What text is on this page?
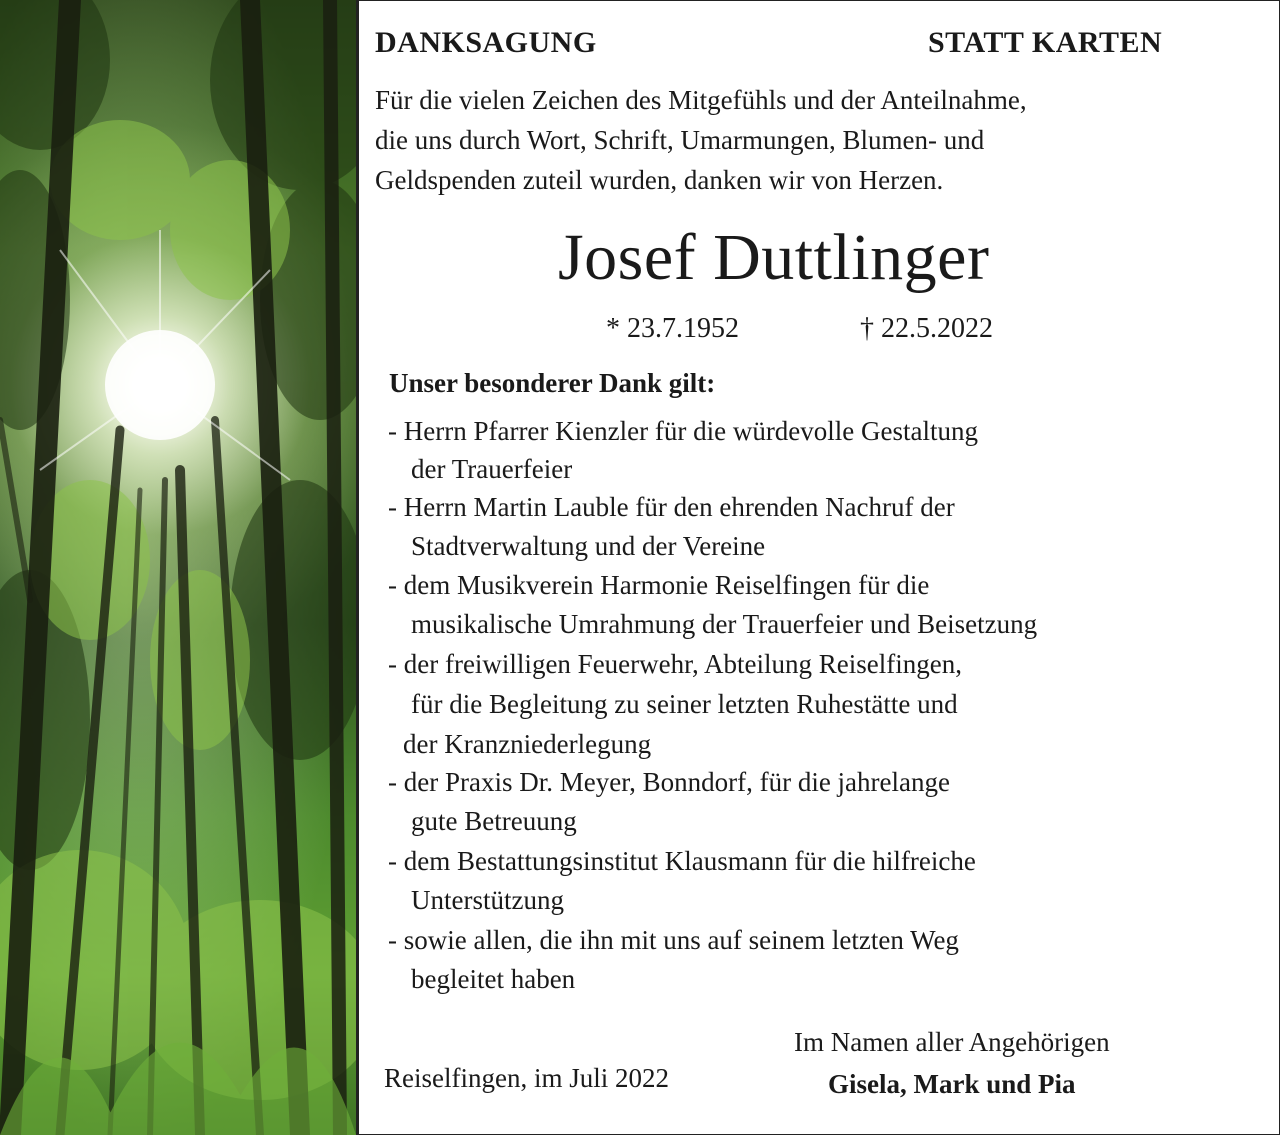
DANKSAGUNG	STATT KARTEN
Für die vielen Zeichen des Mitgefühls und der Anteilnahme,
die uns durch Wort, Schrift, Umarmungen, Blumen- und
Geldspenden zuteil wurden, danken wir von Herzen.
Josef Duttlinger
* 23.7.1952	† 22.5.2022
Unser besonderer Dank gilt:
- Herrn Pfarrer Kienzler für die würdevolle Gestaltung
der Trauerfeier
- Herrn Martin Lauble für den ehrenden Nachruf der
Stadtverwaltung und der Vereine
- dem Musikverein Harmonie Reiselfingen für die
musikalische Umrahmung der Trauerfeier und Beisetzung
- der freiwilligen Feuerwehr, Abteilung Reiselfingen,
für die Begleitung zu seiner letzten Ruhestätte und
der Kranzniederlegung
- der Praxis Dr. Meyer, Bonndorf, für die jahrelange
gute Betreuung
- dem Bestattungsinstitut Klausmann für die hilfreiche
Unterstützung
- sowie allen, die ihn mit uns auf seinem letzten Weg
begleitet haben
Im Namen aller Angehörigen
Reiselfingen, im Juli 2022	Gisela, Mark und Pia
